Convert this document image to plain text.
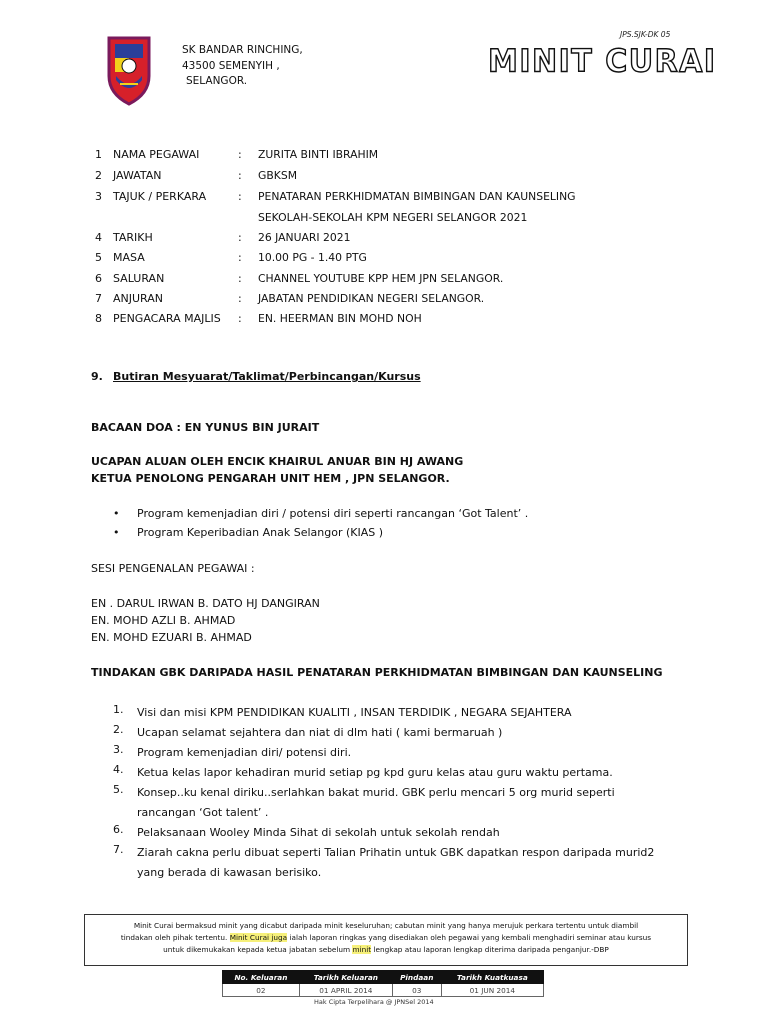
JPS.SJK-DK 05
SK BANDAR RINCHING,
43500 SEMENYIH ,
SELANGOR.
MINIT CURAI
1	NAMA PEGAWAI	:	ZURITA BINTI IBRAHIM
2	JAWATAN	:	GBKSM
3	TAJUK / PERKARA	:	PENATARAN PERKHIDMATAN BIMBINGAN DAN KAUNSELING
SEKOLAH-SEKOLAH KPM NEGERI SELANGOR 2021
4	TARIKH	:	26 JANUARI 2021
5	MASA	:	10.00 PG - 1.40 PTG
6	SALURAN	:	CHANNEL YOUTUBE KPP HEM JPN SELANGOR.
7	ANJURAN	:	JABATAN PENDIDIKAN NEGERI SELANGOR.
8	PENGACARA MAJLIS	:	EN. HEERMAN BIN MOHD NOH
9. Butiran Mesyuarat/Taklimat/Perbincangan/Kursus
BACAAN DOA : EN YUNUS BIN JURAIT
UCAPAN ALUAN OLEH ENCIK KHAIRUL ANUAR BIN HJ AWANG
KETUA PENOLONG PENGARAH UNIT HEM , JPN SELANGOR.
•	Program kemenjadian diri / potensi diri seperti rancangan ‘Got Talent’ .
•	Program Keperibadian Anak Selangor (KIAS )
SESI PENGENALAN PEGAWAI :
EN . DARUL IRWAN B. DATO HJ DANGIRAN
EN. MOHD AZLI B. AHMAD
EN. MOHD EZUARI B. AHMAD
TINDAKAN GBK DARIPADA HASIL PENATARAN PERKHIDMATAN BIMBINGAN DAN KAUNSELING
1.	Visi dan misi KPM PENDIDIKAN KUALITI , INSAN TERDIDIK , NEGARA SEJAHTERA
2.	Ucapan selamat sejahtera dan niat di dlm hati ( kami bermaruah )
3.	Program kemenjadian diri/ potensi diri.
4.	Ketua kelas lapor kehadiran murid setiap pg kpd guru kelas atau guru waktu pertama.
5.	Konsep..ku kenal diriku..serlahkan bakat murid. GBK perlu mencari 5 org murid seperti rancangan ‘Got talent’ .
6.	Pelaksanaan Wooley Minda Sihat di sekolah untuk sekolah rendah
7.	Ziarah cakna perlu dibuat seperti Talian Prihatin untuk GBK dapatkan respon daripada murid2 yang berada di kawasan berisiko.
Minit Curai bermaksud minit yang dicabut daripada minit keseluruhan; cabutan minit yang hanya merujuk perkara tertentu untuk diambil
tindakan oleh pihak tertentu. Minit Curai juga ialah laporan ringkas yang disediakan oleh pegawai yang kembali menghadiri seminar atau kursus
untuk dikemukakan kepada ketua jabatan sebelum minit lengkap atau laporan lengkap diterima daripada penganjur.-DBP
No. Keluaran	Tarikh Keluaran	Pindaan	Tarikh Kuatkuasa
02	01 APRIL 2014	03	01 JUN 2014
Hak Cipta Terpelihara @ JPNSel 2014
